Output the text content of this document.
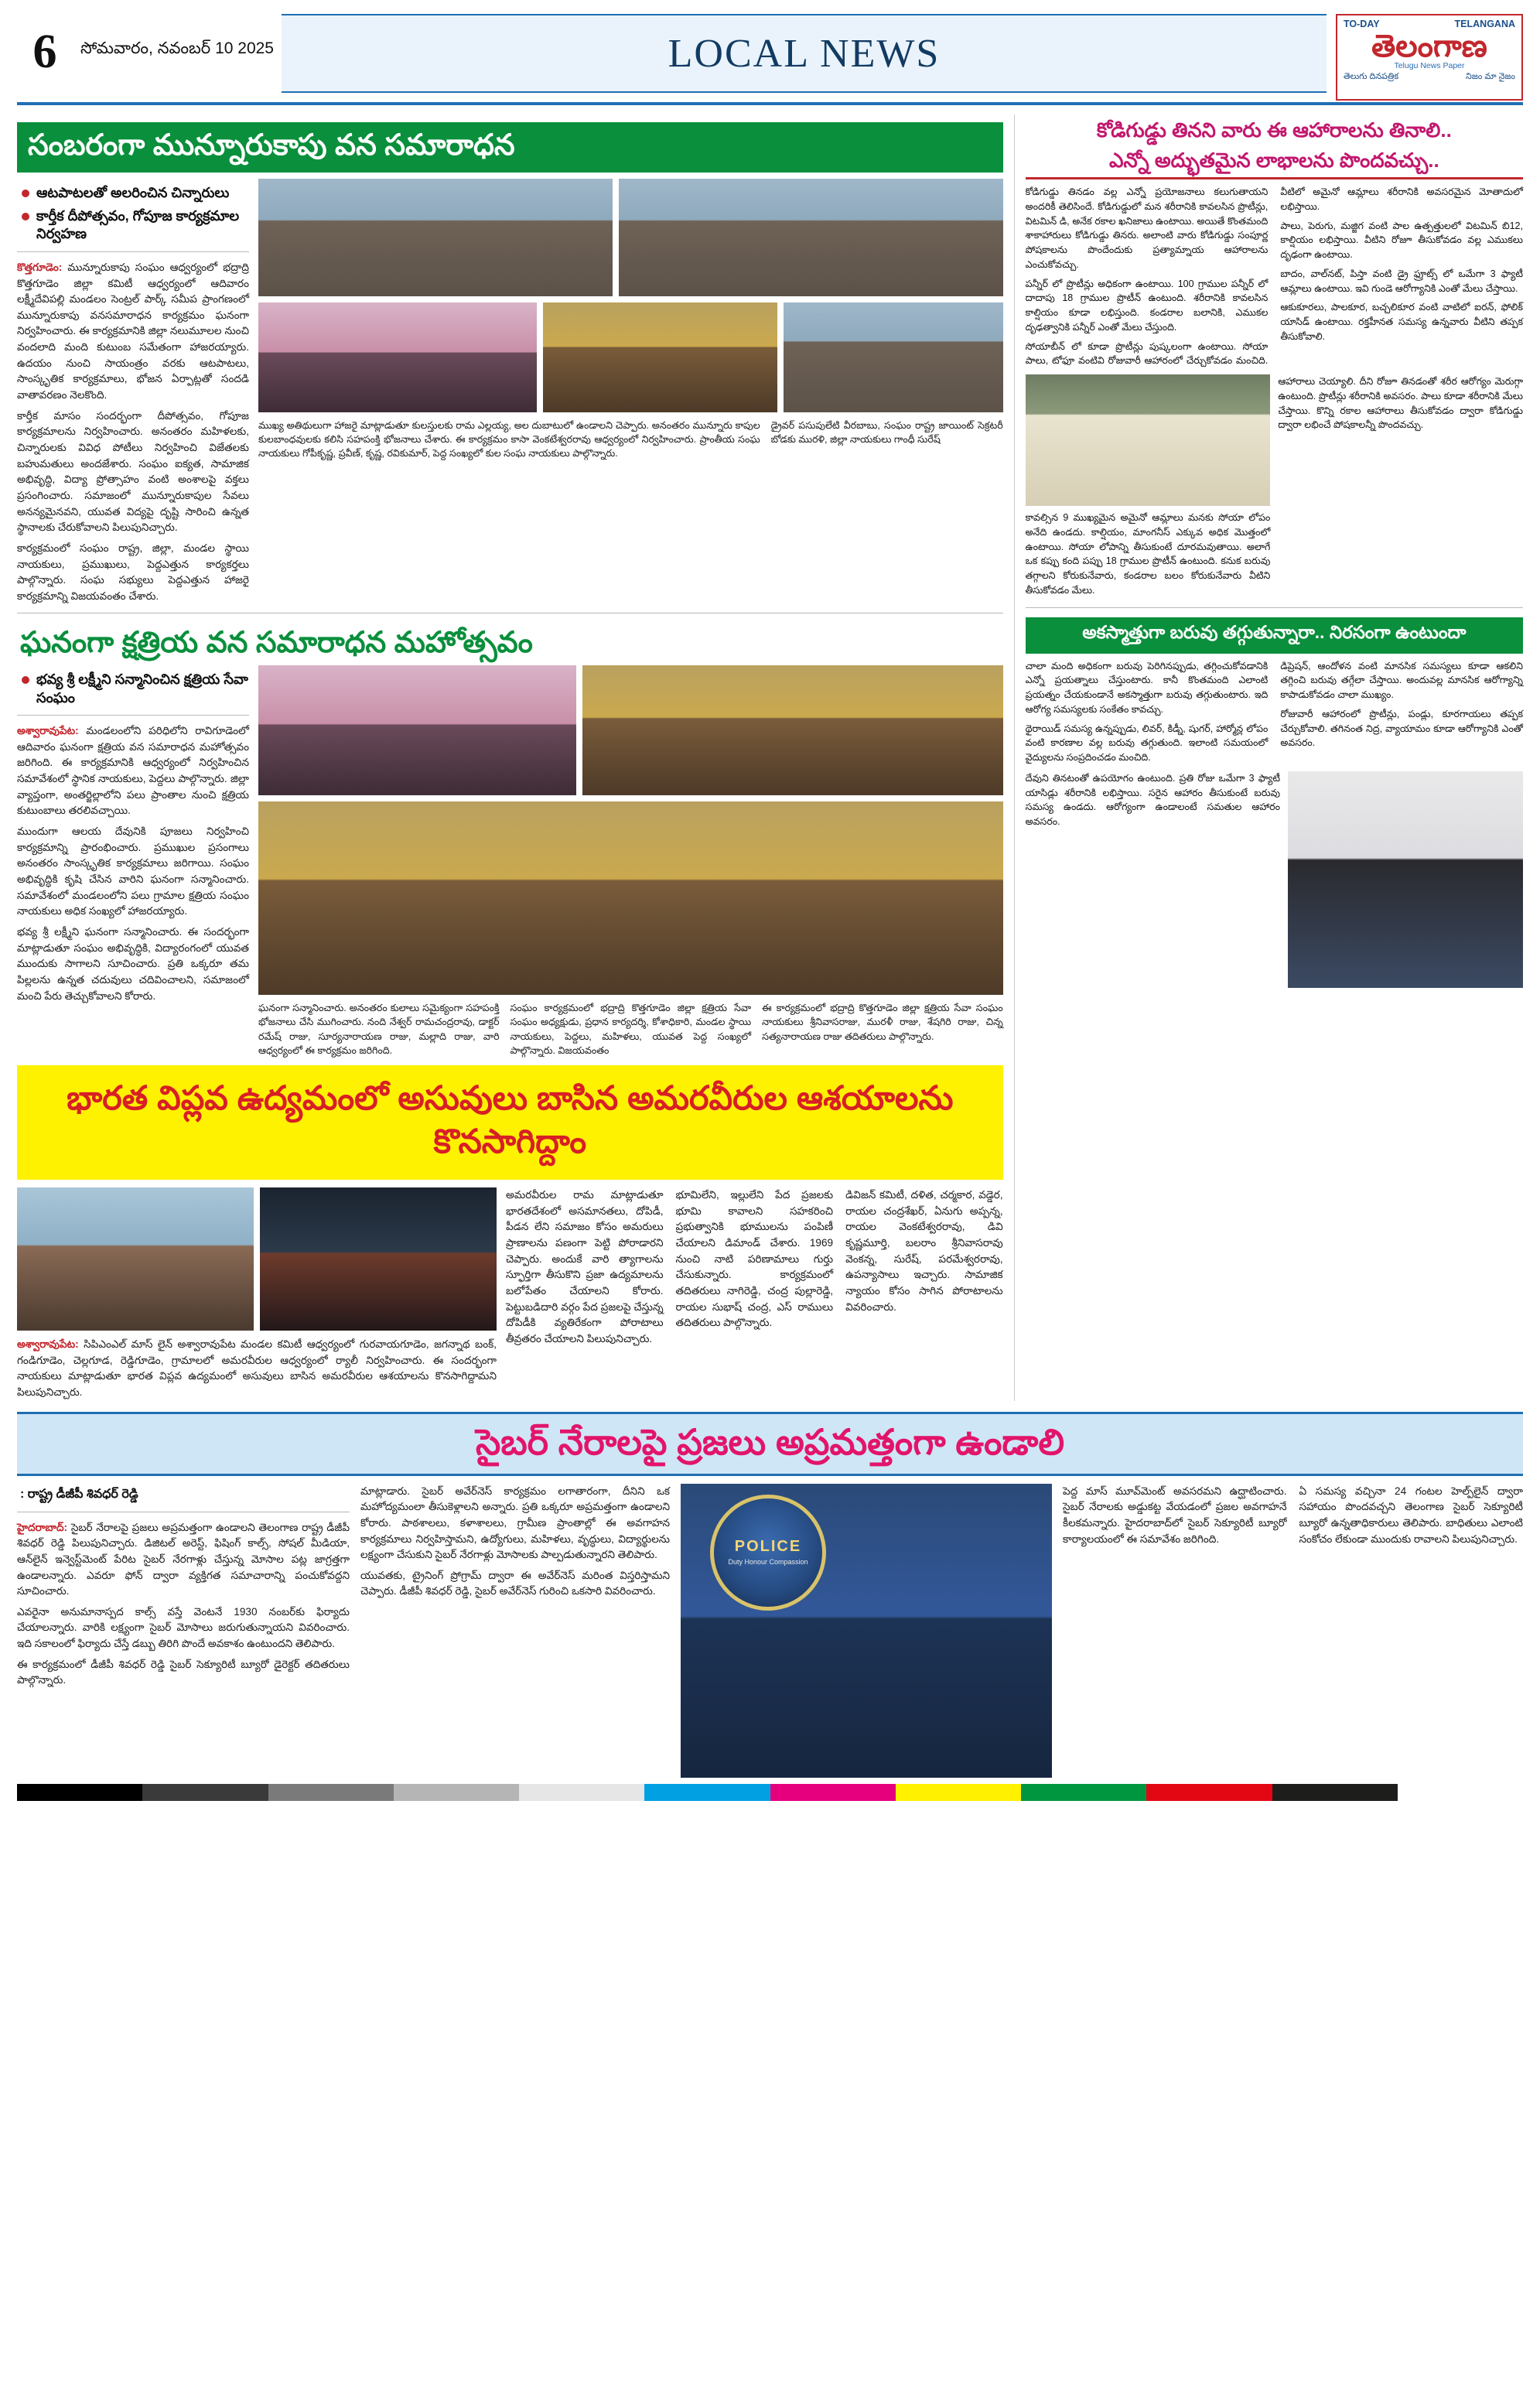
6	సోమవారం, నవంబర్ 10 2025	LOCAL NEWS
TO-DAY	TELANGANA
తెలంగాణ
Telugu News Paper
తెలుగు దినపత్రిక	నిజం మా నైజం
సంబరంగా మున్నూరుకాపు వన సమారాధన
ఆటపాటలతో అలరించిన చిన్నారులు
కార్తీక దీపోత్సవం, గోపూజ కార్యక్రమాల నిర్వహణ
కొత్తగూడెం: మున్నూరుకాపు సంఘం ఆధ్వర్యంలో భద్రాద్రి కొత్తగూడెం జిల్లా కమిటీ ఆధ్వర్యంలో ఆదివారం లక్ష్మీదేవిపల్లి మండలం సెంట్రల్ పార్క్ సమీప ప్రాంగణంలో మున్నూరుకాపు వనసమారాధన కార్యక్రమం ఘనంగా నిర్వహించారు. ఈ కార్యక్రమానికి జిల్లా నలుమూలల నుంచి వందలాది మంది కుటుంబ సమేతంగా హాజరయ్యారు. ఉదయం నుంచి సాయంత్రం వరకు ఆటపాటలు, సాంస్కృతిక కార్యక్రమాలు, భోజన ఏర్పాట్లతో సందడి వాతావరణం నెలకొంది.
కార్తీక మాసం సందర్భంగా దీపోత్సవం, గోపూజ కార్యక్రమాలను నిర్వహించారు. అనంతరం మహిళలకు, చిన్నారులకు వివిధ పోటీలు నిర్వహించి విజేతలకు బహుమతులు అందజేశారు. సంఘం ఐక్యత, సామాజిక అభివృద్ధి, విద్యా ప్రోత్సాహం వంటి అంశాలపై వక్తలు ప్రసంగించారు. సమాజంలో మున్నూరుకాపుల సేవలు అనన్యమైనవని, యువత విద్యపై దృష్టి సారించి ఉన్నత స్థానాలకు చేరుకోవాలని పిలుపునిచ్చారు.
కార్యక్రమంలో సంఘం రాష్ట్ర, జిల్లా, మండల స్థాయి నాయకులు, ప్రముఖులు, పెద్దఎత్తున కార్యకర్తలు పాల్గొన్నారు. సంఘ సభ్యులు పెద్దఎత్తున హాజరై కార్యక్రమాన్ని విజయవంతం చేశారు.
ముఖ్య అతిథులుగా హాజరై మాట్లాడుతూ కులస్తులకు రామ ఎల్లయ్య, అల దుబాటులో ఉండాలని చెప్పారు. అనంతరం మున్నూరు కాపుల కులబాంధవులకు కలిసి సహపంక్తి భోజనాలు చేశారు. ఈ కార్యక్రమం కాసా వెంకటేశ్వరరావు ఆధ్వర్యంలో నిర్వహించారు. ప్రాంతీయ సంఘ నాయకులు గోపీకృష్ణ, ప్రవీణ్, కృష్ణ, రవికుమార్, పెద్ద సంఖ్యలో కుల సంఘ నాయకులు పాల్గొన్నారు.
డ్రైవర్ పసుపులేటి వీరబాబు, సంఘం రాష్ట్ర జాయింట్ సెక్రటరీ బోడకు మురళి, జిల్లా నాయకులు గాంధీ సురేష్
ఘనంగా క్షత్రియ వన సమారాధన మహోత్సవం
భవ్య శ్రీ లక్ష్మీని సన్మానించిన క్షత్రియ సేవా సంఘం
అశ్వారావుపేట: మండలంలోని పరిధిలోని రావిగూడెంలో ఆదివారం ఘనంగా క్షత్రియ వన సమారాధన మహోత్సవం జరిగింది. ఈ కార్యక్రమానికి ఆధ్వర్యంలో నిర్వహించిన సమావేశంలో స్థానిక నాయకులు, పెద్దలు పాల్గొన్నారు. జిల్లా వ్యాప్తంగా, అంతర్జిల్లాలోని పలు ప్రాంతాల నుంచి క్షత్రియ కుటుంబాలు తరలివచ్చాయి.
ముందుగా ఆలయ దేవునికి పూజలు నిర్వహించి కార్యక్రమాన్ని ప్రారంభించారు. ప్రముఖుల ప్రసంగాలు అనంతరం సాంస్కృతిక కార్యక్రమాలు జరిగాయి. సంఘం అభివృద్ధికి కృషి చేసిన వారిని ఘనంగా సన్మానించారు. సమావేశంలో మండలంలోని పలు గ్రామాల క్షత్రియ సంఘం నాయకులు అధిక సంఖ్యలో హాజరయ్యారు.
భవ్య శ్రీ లక్ష్మీని ఘనంగా సన్మానించారు. ఈ సందర్భంగా మాట్లాడుతూ సంఘం అభివృద్ధికి, విద్యారంగంలో యువత ముందుకు సాగాలని సూచించారు. ప్రతి ఒక్కరూ తమ పిల్లలను ఉన్నత చదువులు చదివించాలని, సమాజంలో మంచి పేరు తెచ్చుకోవాలని కోరారు.
ఘనంగా సన్మానించారు. అనంతరం కులాలు సమైక్యంగా సహపంక్తి భోజనాలు చేసి ముగించారు. నంది నేశ్వర్ రామచంద్రరావు, డాక్టర్ రమేష్ రాజు, సూర్యనారాయణ రాజు, మల్లాది రాజు, వారి ఆధ్వర్యంలో ఈ కార్యక్రమం జరిగింది.
సంఘం కార్యక్రమంలో భద్రాద్రి కొత్తగూడెం జిల్లా క్షత్రియ సేవా సంఘం అధ్యక్షుడు, ప్రధాన కార్యదర్శి, కోశాధికారి, మండల స్థాయి నాయకులు, పెద్దలు, మహిళలు, యువత పెద్ద సంఖ్యలో పాల్గొన్నారు. విజయవంతం
ఈ కార్యక్రమంలో భద్రాద్రి కొత్తగూడెం జిల్లా క్షత్రియ సేవా సంఘం నాయకులు శ్రీనివాసరాజు, మురళీ రాజు, శేషగిరి రాజు, చిన్న సత్యనారాయణ రాజు తదితరులు పాల్గొన్నారు.
భారత విప్లవ ఉద్యమంలో అసువులు బాసిన అమరవీరుల ఆశయాలను కొనసాగిద్దాం
అశ్వారావుపేట: సిపిఎంఎల్ మాస్ లైన్ అశ్వారావుపేట మండల కమిటీ ఆధ్వర్యంలో గురవాయగూడెం, జగన్నాథ బంక్, గండిగూడెం, చెల్లగూడ, రెడ్డిగూడెం, గ్రామాలలో అమరవీరుల ఆధ్వర్యంలో ర్యాలీ నిర్వహించారు. ఈ సందర్భంగా నాయకులు మాట్లాడుతూ భారత విప్లవ ఉద్యమంలో అసువులు బాసిన అమరవీరుల ఆశయాలను కొనసాగిద్దామని పిలుపునిచ్చారు.
అమరవీరుల రామ మాట్లాడుతూ భారతదేశంలో అసమానతలు, దోపిడీ, పీడన లేని సమాజం కోసం అమరులు ప్రాణాలను పణంగా పెట్టి పోరాడారని చెప్పారు. అందుకే వారి త్యాగాలను స్ఫూర్తిగా తీసుకొని ప్రజా ఉద్యమాలను బలోపేతం చేయాలని కోరారు. పెట్టుబడిదారి వర్గం పేద ప్రజలపై చేస్తున్న దోపిడీకి వ్యతిరేకంగా పోరాటాలు తీవ్రతరం చేయాలని పిలుపునిచ్చారు.
భూమిలేని, ఇల్లులేని పేద ప్రజలకు భూమి కావాలని సహకరించి ప్రభుత్వానికి భూములను పంపిణీ చేయాలని డిమాండ్ చేశారు. 1969 నుంచి నాటి పరిణామాలు గుర్తు చేసుకున్నారు. కార్యక్రమంలో తదితరులు నాగిరెడ్డి, చంద్ర పుల్లారెడ్డి, రాయల సుభాష్ చంద్ర, ఎస్ రాములు తదితరులు పాల్గొన్నారు.
డివిజన్ కమిటీ, దళిత, చర్మకార, వడ్డెర, రాయల చంద్రశేఖర్, ఏనుగు అప్పన్న, రాయల వెంకటేశ్వరరావు, డివి కృష్ణమూర్తి, బలరాం శ్రీనివాసరావు వెంకన్న, సురేష్, పరమేశ్వరరావు, ఉపన్యాసాలు ఇచ్చారు. సామాజిక న్యాయం కోసం సాగిన పోరాటాలను వివరించారు.
కోడిగుడ్డు తినని వారు ఈ ఆహారాలను తినాలి..
ఎన్నో అద్భుతమైన లాభాలను పొందవచ్చు..
కోడిగుడ్డు తినడం వల్ల ఎన్నో ప్రయోజనాలు కలుగుతాయని అందరికీ తెలిసిందే. కోడిగుడ్డులో మన శరీరానికి కావలసిన ప్రొటీన్లు, విటమిన్ డి, అనేక రకాల ఖనిజాలు ఉంటాయి. అయితే కొంతమంది శాకాహారులు కోడిగుడ్డు తినరు. అలాంటి వారు కోడిగుడ్డు సంపూర్ణ పోషకాలను పొందేందుకు ప్రత్యామ్నాయ ఆహారాలను ఎంచుకోవచ్చు.
పన్నీర్ లో ప్రొటీన్లు అధికంగా ఉంటాయి. 100 గ్రాముల పన్నీర్ లో దాదాపు 18 గ్రాముల ప్రొటీన్ ఉంటుంది. శరీరానికి కావలసిన కాల్షియం కూడా లభిస్తుంది. కండరాల బలానికి, ఎముకల దృఢత్వానికి పన్నీర్ ఎంతో మేలు చేస్తుంది.
సోయాబీన్ లో కూడా ప్రొటీన్లు పుష్కలంగా ఉంటాయి. సోయా పాలు, టోఫూ వంటివి రోజువారీ ఆహారంలో చేర్చుకోవడం మంచిది. వీటిలో అమైనో ఆమ్లాలు శరీరానికి అవసరమైన మోతాదులో లభిస్తాయి.
పాలు, పెరుగు, మజ్జిగ వంటి పాల ఉత్పత్తులలో విటమిన్ బి12, కాల్షియం లభిస్తాయి. వీటిని రోజూ తీసుకోవడం వల్ల ఎముకలు దృఢంగా ఉంటాయి.
బాదం, వాల్‌నట్, పిస్తా వంటి డ్రై ఫ్రూట్స్ లో ఒమేగా 3 ఫ్యాటీ ఆమ్లాలు ఉంటాయి. ఇవి గుండె ఆరోగ్యానికి ఎంతో మేలు చేస్తాయి.
ఆకుకూరలు, పాలకూర, బచ్చలికూర వంటి వాటిలో ఐరన్, ఫోలిక్ యాసిడ్ ఉంటాయి. రక్తహీనత సమస్య ఉన్నవారు వీటిని తప్పక తీసుకోవాలి.
కావల్సిన 9 ముఖ్యమైన అమైనో ఆమ్లాలు మనకు సోయా లోపం అనేది ఉండదు. కాల్షియం, మాంగనీస్ ఎక్కువ అధిక మొత్తంలో ఉంటాయి. సోయా లోపాన్ని తీసుకుంటే దూరమవుతాయి. అలాగే ఒక కప్పు కంది పప్పు 18 గ్రాముల ప్రొటీన్ ఉంటుంది. కనుక బరువు తగ్గాలని కోరుకునేవారు, కండరాల బలం కోరుకునేవారు వీటిని తీసుకోవడం మేలు.
ఆహారాలు చెయ్యాలి. దీని రోజూ తినడంతో శరీర ఆరోగ్యం మెరుగ్గా ఉంటుంది. ప్రొటీన్లు శరీరానికి అవసరం. పాలు కూడా శరీరానికి మేలు చేస్తాయి. కొన్ని రకాల ఆహారాలు తీసుకోవడం ద్వారా కోడిగుడ్డు ద్వారా లభించే పోషకాలన్నీ పొందవచ్చు.
అకస్మాత్తుగా బరువు తగ్గుతున్నారా.. నిరసంగా ఉంటుందా
చాలా మంది అధికంగా బరువు పెరిగినప్పుడు, తగ్గించుకోవడానికి ఎన్నో ప్రయత్నాలు చేస్తుంటారు. కానీ కొంతమంది ఎలాంటి ప్రయత్నం చేయకుండానే అకస్మాత్తుగా బరువు తగ్గుతుంటారు. ఇది ఆరోగ్య సమస్యలకు సంకేతం కావచ్చు.
థైరాయిడ్ సమస్య ఉన్నప్పుడు, లివర్, కిడ్నీ, షుగర్, హార్మోన్ల లోపం వంటి కారణాల వల్ల బరువు తగ్గుతుంది. ఇలాంటి సమయంలో వైద్యులను సంప్రదించడం మంచిది.
డిప్రెషన్, ఆందోళన వంటి మానసిక సమస్యలు కూడా ఆకలిని తగ్గించి బరువు తగ్గేలా చేస్తాయి. అందువల్ల మానసిక ఆరోగ్యాన్ని కాపాడుకోవడం చాలా ముఖ్యం.
రోజువారీ ఆహారంలో ప్రొటీన్లు, పండ్లు, కూరగాయలు తప్పక చేర్చుకోవాలి. తగినంత నిద్ర, వ్యాయామం కూడా ఆరోగ్యానికి ఎంతో అవసరం.
దేవుని తినటంతో ఉపయోగం ఉంటుంది. ప్రతి రోజు ఒమేగా 3 ఫ్యాటీ యాసిడ్లు శరీరానికి లభిస్తాయి. సరైన ఆహారం తీసుకుంటే బరువు సమస్య ఉండదు. ఆరోగ్యంగా ఉండాలంటే సమతుల ఆహారం అవసరం.
సైబర్ నేరాలపై ప్రజలు అప్రమత్తంగా ఉండాలి
: రాష్ట్ర డీజీపీ శివధర్ రెడ్డి
హైదరాబాద్: సైబర్ నేరాలపై ప్రజలు అప్రమత్తంగా ఉండాలని తెలంగాణ రాష్ట్ర డీజీపీ శివధర్ రెడ్డి పిలుపునిచ్చారు. డిజిటల్ అరెస్ట్, ఫిషింగ్ కాల్స్, సోషల్ మీడియా, ఆన్‌లైన్ ఇన్వెస్ట్‌మెంట్ పేరిట సైబర్ నేరగాళ్లు చేస్తున్న మోసాల పట్ల జాగ్రత్తగా ఉండాలన్నారు. ఎవరూ ఫోన్ ద్వారా వ్యక్తిగత సమాచారాన్ని పంచుకోవద్దని సూచించారు.
ఎవరైనా అనుమానాస్పద కాల్స్ వస్తే వెంటనే 1930 నంబర్‌కు ఫిర్యాదు చేయాలన్నారు. వారికి లక్ష్యంగా సైబర్ మోసాలు జరుగుతున్నాయని వివరించారు. ఇది సకాలంలో ఫిర్యాదు చేస్తే డబ్బు తిరిగి పొందే అవకాశం ఉంటుందని తెలిపారు.
ఈ కార్యక్రమంలో డీజీపీ శివధర్ రెడ్డి సైబర్ సెక్యూరిటీ బ్యూరో డైరెక్టర్ తదితరులు పాల్గొన్నారు.
మాట్లాడారు. సైబర్ అవేర్‌నెస్ కార్యక్రమం లగాతారంగా, దీనిని ఒక మహోద్యమంలా తీసుకెళ్లాలని అన్నారు. ప్రతి ఒక్కరూ అప్రమత్తంగా ఉండాలని కోరారు. పాఠశాలలు, కళాశాలలు, గ్రామీణ ప్రాంతాల్లో ఈ అవగాహన కార్యక్రమాలు నిర్వహిస్తామని, ఉద్యోగులు, మహిళలు, వృద్ధులు, విద్యార్థులను లక్ష్యంగా చేసుకుని సైబర్ నేరగాళ్లు మోసాలకు పాల్పడుతున్నారని తెలిపారు.
యువతకు, ట్రైనింగ్ ప్రోగ్రామ్ ద్వారా ఈ అవేర్‌నెస్ మరింత విస్తరిస్తామని చెప్పారు. డీజీపీ శివధర్ రెడ్డి, సైబర్ అవేర్‌నెస్ గురించి ఒకసారి వివరించారు.
POLICE
Duty Honour Compassion
పెద్ద మాస్ మూవ్‌మెంట్ అవసరమని ఉద్ఘాటించారు. సైబర్ నేరాలకు అడ్డుకట్ట వేయడంలో ప్రజల అవగాహనే కీలకమన్నారు. హైదరాబాద్‌లో సైబర్ సెక్యూరిటీ బ్యూరో కార్యాలయంలో ఈ సమావేశం జరిగింది.
ఏ సమస్య వచ్చినా 24 గంటల హెల్ప్‌లైన్ ద్వారా సహాయం పొందవచ్చని తెలంగాణ సైబర్ సెక్యూరిటీ బ్యూరో ఉన్నతాధికారులు తెలిపారు. బాధితులు ఎలాంటి సంకోచం లేకుండా ముందుకు రావాలని పిలుపునిచ్చారు.
